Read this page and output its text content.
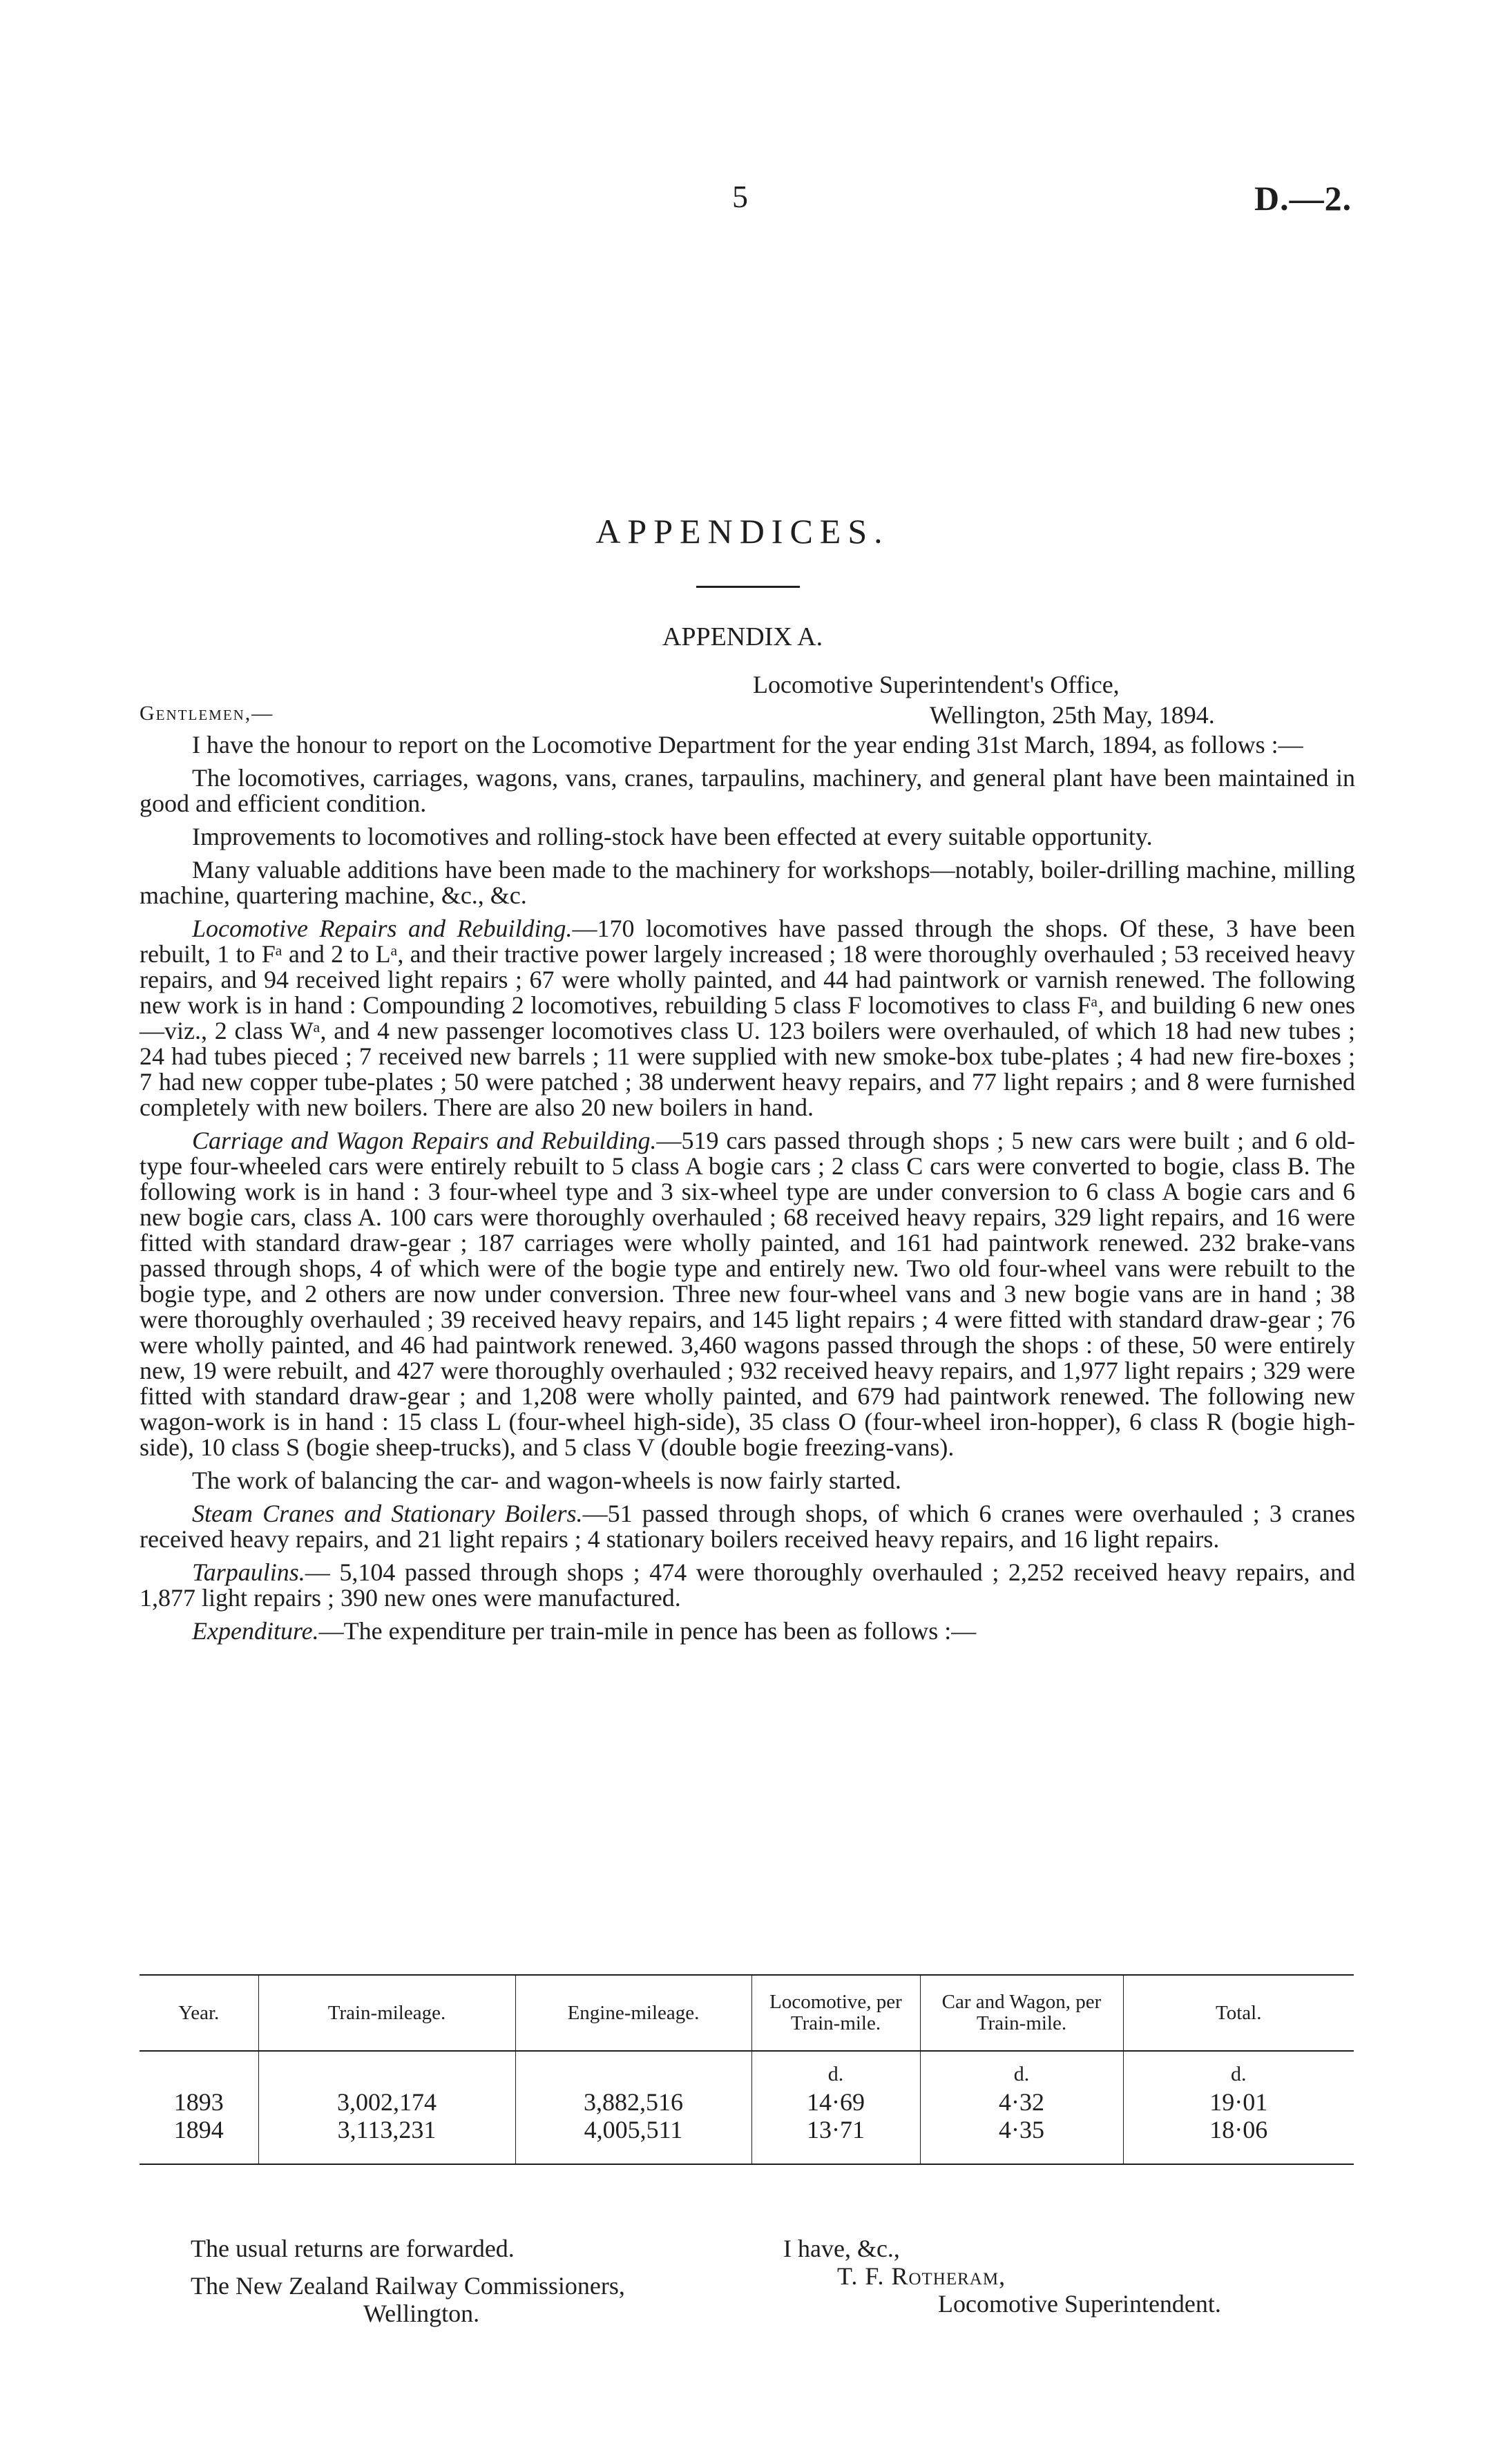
5	D.—2.
APPENDICES.
APPENDIX A.
Locomotive Superintendent's Office,
Gentlemen,—	Wellington, 25th May, 1894.

I have the honour to report on the Locomotive Department for the year ending 31st March, 1894, as follows :—

The locomotives, carriages, wagons, vans, cranes, tarpaulins, machinery, and general plant have been maintained in good and efficient condition.

Improvements to locomotives and rolling-stock have been effected at every suitable opportunity.

Many valuable additions have been made to the machinery for workshops—notably, boiler-drilling machine, milling machine, quartering machine, &c., &c.

Locomotive Repairs and Rebuilding.—170 locomotives have passed through the shops. Of these, 3 have been rebuilt, 1 to Fᵃ and 2 to Lᵃ, and their tractive power largely increased ; 18 were thoroughly overhauled ; 53 received heavy repairs, and 94 received light repairs ; 67 were wholly painted, and 44 had paintwork or varnish renewed. The following new work is in hand : Compounding 2 locomotives, rebuilding 5 class F locomotives to class Fᵃ, and building 6 new ones—viz., 2 class Wᵃ, and 4 new passenger locomotives class U. 123 boilers were overhauled, of which 18 had new tubes ; 24 had tubes pieced ; 7 received new barrels ; 11 were supplied with new smoke-box tube-plates ; 4 had new fire-boxes ; 7 had new copper tube-plates ; 50 were patched ; 38 underwent heavy repairs, and 77 light repairs ; and 8 were furnished completely with new boilers. There are also 20 new boilers in hand.

Carriage and Wagon Repairs and Rebuilding.—519 cars passed through shops ; 5 new cars were built ; and 6 old-type four-wheeled cars were entirely rebuilt to 5 class A bogie cars ; 2 class C cars were converted to bogie, class B. The following work is in hand : 3 four-wheel type and 3 six-wheel type are under conversion to 6 class A bogie cars and 6 new bogie cars, class A. 100 cars were thoroughly overhauled ; 68 received heavy repairs, 329 light repairs, and 16 were fitted with standard draw-gear ; 187 carriages were wholly painted, and 161 had paintwork renewed. 232 brake-vans passed through shops, 4 of which were of the bogie type and entirely new. Two old four-wheel vans were rebuilt to the bogie type, and 2 others are now under conversion. Three new four-wheel vans and 3 new bogie vans are in hand ; 38 were thoroughly overhauled ; 39 received heavy repairs, and 145 light repairs ; 4 were fitted with standard draw-gear ; 76 were wholly painted, and 46 had paintwork renewed. 3,460 wagons passed through the shops : of these, 50 were entirely new, 19 were rebuilt, and 427 were thoroughly overhauled ; 932 received heavy repairs, and 1,977 light repairs ; 329 were fitted with standard draw-gear ; and 1,208 were wholly painted, and 679 had paintwork renewed. The following new wagon-work is in hand : 15 class L (four-wheel high-side), 35 class O (four-wheel iron-hopper), 6 class R (bogie high-side), 10 class S (bogie sheep-trucks), and 5 class V (double bogie freezing-vans).

The work of balancing the car- and wagon-wheels is now fairly started.

Steam Cranes and Stationary Boilers.—51 passed through shops, of which 6 cranes were overhauled ; 3 cranes received heavy repairs, and 21 light repairs ; 4 stationary boilers received heavy repairs, and 16 light repairs.

Tarpaulins.— 5,104 passed through shops ; 474 were thoroughly overhauled ; 2,252 received heavy repairs, and 1,877 light repairs ; 390 new ones were manufactured.

Expenditure.—The expenditure per train-mile in pence has been as follows :—

Year.	Train-mileage.	Engine-mileage.	Locomotive, per Train-mile.	Car and Wagon, per Train-mile.	Total.
			d.	d.	d.
1893	3,002,174	3,882,516	14·69	4·32	19·01
1894	3,113,231	4,005,511	13·71	4·35	18·06
The usual returns are forwarded.
The New Zealand Railway Commissioners,
Wellington.
I have, &c.,
T. F. Rotheram,
Locomotive Superintendent.
